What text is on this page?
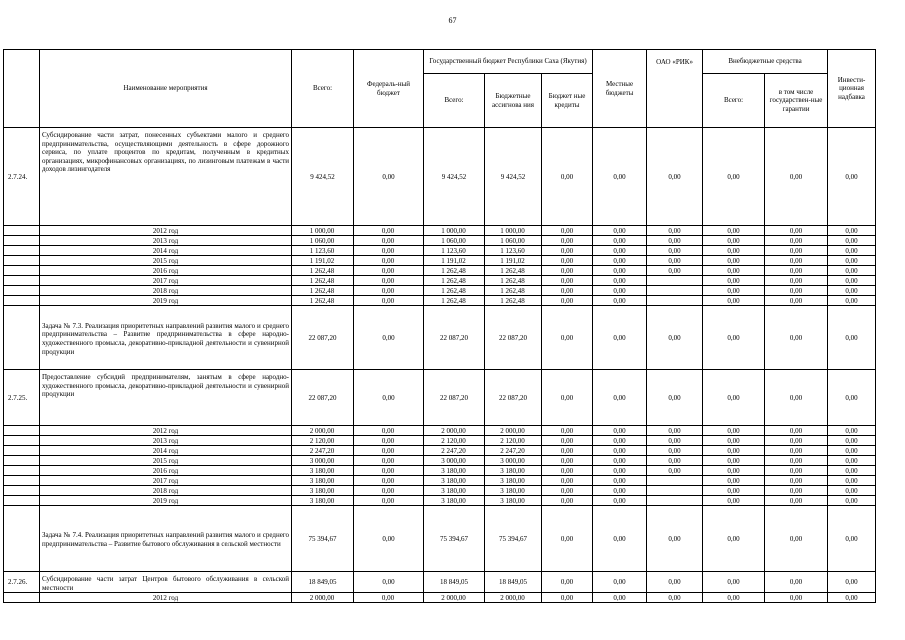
67
	Наименование мероприятия	Всего:	Федераль-ный бюджет	Государственный бюджет Республики Саха (Якутия)			Местные бюджеты	ОАО «РИК»	Внебюджетные средства		Инвести-ционная надбавка
				Всего:	Бюджетные ассигнова ния	Бюджет ные кредиты			Всего:	в том числе государствен-ные гарантии	
2.7.24.	Субсидирование части затрат, понесенных субъектами малого и среднего предпринимательства, осуществляющими деятельность в сфере дорожного сервиса, по уплате процентов по кредитам, полученным в кредитных организациях, микрофинансовых организациях, по лизинговым платежам в части доходов лизингодателя	9 424,52	0,00	9 424,52	9 424,52	0,00	0,00	0,00	0,00	0,00	0,00
	2012 год	1 000,00	0,00	1 000,00	1 000,00	0,00	0,00	0,00	0,00	0,00	0,00
	2013 год	1 060,00	0,00	1 060,00	1 060,00	0,00	0,00	0,00	0,00	0,00	0,00
	2014 год	1 123,60	0,00	1 123,60	1 123,60	0,00	0,00	0,00	0,00	0,00	0,00
	2015 год	1 191,02	0,00	1 191,02	1 191,02	0,00	0,00	0,00	0,00	0,00	0,00
	2016 год	1 262,48	0,00	1 262,48	1 262,48	0,00	0,00	0,00	0,00	0,00	0,00
	2017 год	1 262,48	0,00	1 262,48	1 262,48	0,00	0,00		0,00	0,00	0,00
	2018 год	1 262,48	0,00	1 262,48	1 262,48	0,00	0,00		0,00	0,00	0,00
	2019 год	1 262,48	0,00	1 262,48	1 262,48	0,00	0,00		0,00	0,00	0,00
	Задача № 7.3. Реализация приоритетных направлений развития малого и среднего предпринимательства – Развитие предпринимательства в сфере народно-художественного промысла, декоративно-прикладной деятельности и сувенирной продукции	22 087,20	0,00	22 087,20	22 087,20	0,00	0,00	0,00	0,00	0,00	0,00
2.7.25.	Предоставление субсидий предпринимателям, занятым в сфере народно-художественного промысла, декоративно-прикладной деятельности и сувенирной продукции	22 087,20	0,00	22 087,20	22 087,20	0,00	0,00	0,00	0,00	0,00	0,00
	2012 год	2 000,00	0,00	2 000,00	2 000,00	0,00	0,00	0,00	0,00	0,00	0,00
	2013 год	2 120,00	0,00	2 120,00	2 120,00	0,00	0,00	0,00	0,00	0,00	0,00
	2014 год	2 247,20	0,00	2 247,20	2 247,20	0,00	0,00	0,00	0,00	0,00	0,00
	2015 год	3 000,00	0,00	3 000,00	3 000,00	0,00	0,00	0,00	0,00	0,00	0,00
	2016 год	3 180,00	0,00	3 180,00	3 180,00	0,00	0,00	0,00	0,00	0,00	0,00
	2017 год	3 180,00	0,00	3 180,00	3 180,00	0,00	0,00		0,00	0,00	0,00
	2018 год	3 180,00	0,00	3 180,00	3 180,00	0,00	0,00		0,00	0,00	0,00
	2019 год	3 180,00	0,00	3 180,00	3 180,00	0,00	0,00		0,00	0,00	0,00
	Задача № 7.4. Реализация приоритетных направлений развития малого и среднего предпринимательства – Развитие бытового обслуживания в сельской местности	75 394,67	0,00	75 394,67	75 394,67	0,00	0,00	0,00	0,00	0,00	0,00
2.7.26.	Субсидирование части затрат Центров бытового обслуживания в сельской местности	18 849,05	0,00	18 849,05	18 849,05	0,00	0,00	0,00	0,00	0,00	0,00
	2012 год	2 000,00	0,00	2 000,00	2 000,00	0,00	0,00	0,00	0,00	0,00	0,00
